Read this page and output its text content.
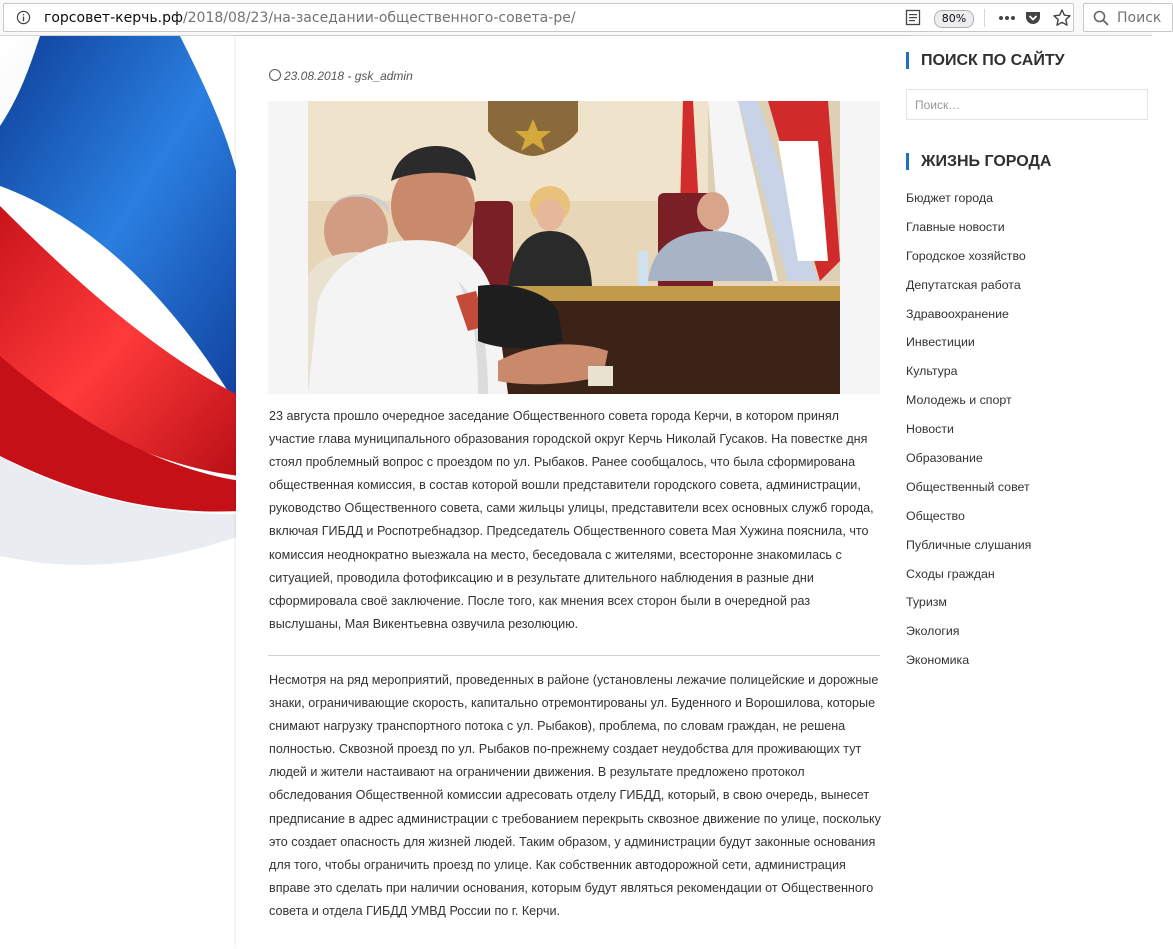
горсовет-керчь.рф/2018/08/23/на-заседании-общественного-совета-ре/	80%	Поиск
23.08.2018 - gsk_admin

23 августа прошло очередное заседание Общественного совета города Керчи, в котором принял участие глава муниципального образования городской округ Керчь Николай Гусаков. На повестке дня стоял проблемный вопрос с проездом по ул. Рыбаков. Ранее сообщалось, что была сформирована общественная комиссия, в состав которой вошли представители городского совета, администрации, руководство Общественного совета, сами жильцы улицы, представители всех основных служб города, включая ГИБДД и Роспотребнадзор. Председатель Общественного совета Мая Хужина пояснила, что комиссия неоднократно выезжала на место, беседовала с жителями, всесторонне знакомилась с ситуацией, проводила фотофиксацию и в результате длительного наблюдения в разные дни сформировала своё заключение. После того, как мнения всех сторон были в очередной раз выслушаны, Мая Викентьевна озвучила резолюцию.

Несмотря на ряд мероприятий, проведенных в районе (установлены лежачие полицейские и дорожные знаки, ограничивающие скорость, капитально отремонтированы ул. Буденного и Ворошилова, которые снимают нагрузку транспортного потока с ул. Рыбаков), проблема, по словам граждан, не решена полностью. Сквозной проезд по ул. Рыбаков по-прежнему создает неудобства для проживающих тут людей и жители настаивают на ограничении движения. В результате предложено протокол обследования Общественной комиссии адресовать отделу ГИБДД, который, в свою очередь, вынесет предписание в адрес администрации с требованием перекрыть сквозное движение по улице, поскольку это создает опасность для жизней людей. Таким образом, у администрации будут законные основания для того, чтобы ограничить проезд по улице. Как собственник автодорожной сети, администрация вправе это сделать при наличии основания, которым будут являться рекомендации от Общественного совета и отдела ГИБДД УМВД России по г. Керчи.

ПОИСК ПО САЙТУ
Поиск…
ЖИЗНЬ ГОРОДА
Бюджет города
Главные новости
Городское хозяйство
Депутатская работа
Здравоохранение
Инвестиции
Культура
Молодежь и спорт
Новости
Образование
Общественный совет
Общество
Публичные слушания
Сходы граждан
Туризм
Экология
Экономика
